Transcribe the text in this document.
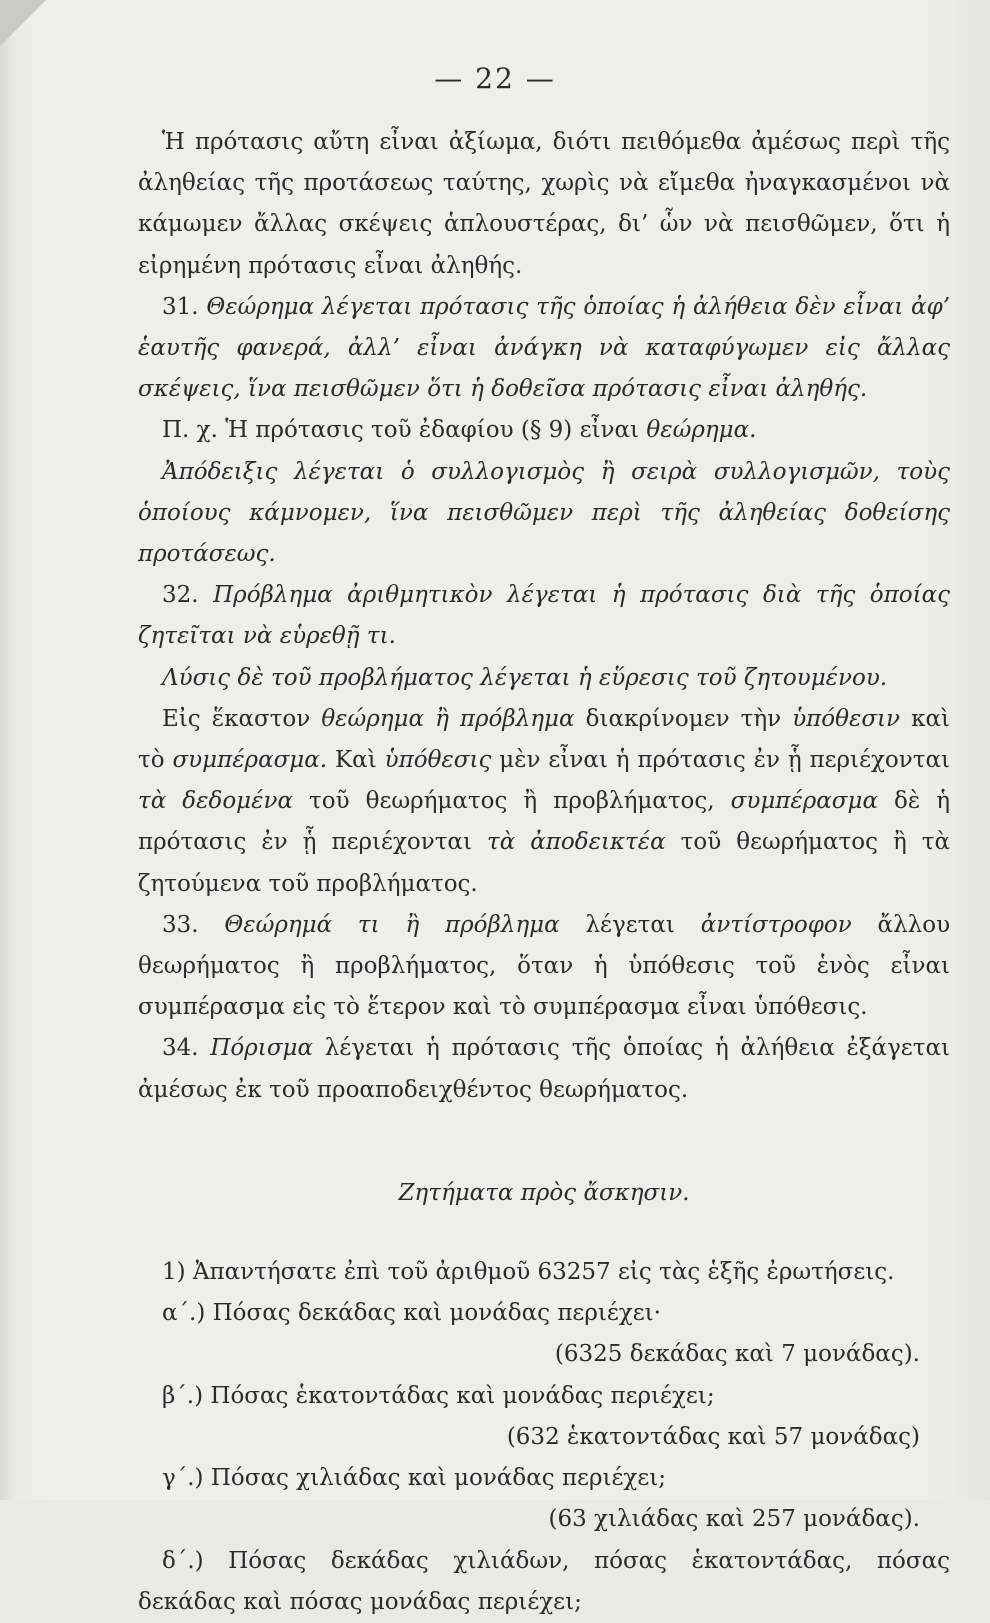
— 22 —

Ἡ πρότασις αὔτη εἶναι ἀξίωμα, διότι πειθόμεθα ἀμέσως περὶ τῆς ἀληθείας τῆς προτάσεως ταύτης, χωρὶς νὰ εἴμεθα ἠναγκασμένοι νὰ κάμωμεν ἄλλας σκέψεις ἁπλουστέρας, δι’ ὧν νὰ πεισθῶμεν, ὅτι ἡ εἰρημένη πρότασις εἶναι ἀληθής.

31. Θεώρημα λέγεται πρότασις τῆς ὁποίας ἡ ἀλήθεια δὲν εἶναι ἀφ’ ἑαυτῆς φανερά, ἀλλ’ εἶναι ἀνάγκη νὰ καταφύγωμεν εἰς ἄλλας σκέψεις, ἵνα πεισθῶμεν ὅτι ἡ δοθεῖσα πρότασις εἶναι ἀληθής.

Π. χ. Ἡ πρότασις τοῦ ἐδαφίου (§ 9) εἶναι θεώρημα.

Ἀπόδειξις λέγεται ὁ συλλογισμὸς ἢ σειρὰ συλλογισμῶν, τοὺς ὁποίους κάμνομεν, ἵνα πεισθῶμεν περὶ τῆς ἀληθείας δοθείσης προτάσεως.

32. Πρόβλημα ἀριθμητικὸν λέγεται ἡ πρότασις διὰ τῆς ὁποίας ζητεῖται νὰ εὑρεθῇ τι.

Λύσις δὲ τοῦ προβλήματος λέγεται ἡ εὕρεσις τοῦ ζητουμένου.

Εἰς ἕκαστον θεώρημα ἢ πρόβλημα διακρίνομεν τὴν ὑπόθεσιν καὶ τὸ συμπέρασμα. Καὶ ὑπόθεσις μὲν εἶναι ἡ πρότασις ἐν ᾗ περιέχονται τὰ δεδομένα τοῦ θεωρήματος ἢ προβλήματος, συμπέρασμα δὲ ἡ πρότασις ἐν ᾗ περιέχονται τὰ ἀποδεικτέα τοῦ θεωρήματος ἢ τὰ ζητούμενα τοῦ προβλήματος.

33. Θεώρημά τι ἢ πρόβλημα λέγεται ἀντίστροφον ἄλλου θεωρήματος ἢ προβλήματος, ὅταν ἡ ὑπόθεσις τοῦ ἑνὸς εἶναι συμπέρασμα εἰς τὸ ἕτερον καὶ τὸ συμπέρασμα εἶναι ὑπόθεσις.

34. Πόρισμα λέγεται ἡ πρότασις τῆς ὁποίας ἡ ἀλήθεια ἐξάγεται ἀμέσως ἐκ τοῦ προαποδειχθέντος θεωρήματος.

Ζητήματα πρὸς ἄσκησιν.

1) Ἀπαντήσατε ἐπὶ τοῦ ἀριθμοῦ 63257 εἰς τὰς ἑξῆς ἐρωτήσεις.

α΄.) Πόσας δεκάδας καὶ μονάδας περιέχει·

(6325 δεκάδας καὶ 7 μονάδας).

β΄.) Πόσας ἑκατοντάδας καὶ μονάδας περιέχει;

(632 ἑκατοντάδας καὶ 57 μονάδας)

γ΄.) Πόσας χιλιάδας καὶ μονάδας περιέχει;

(63 χιλιάδας καὶ 257 μονάδας).

δ΄.) Πόσας δεκάδας χιλιάδων, πόσας ἑκατοντάδας, πόσας δεκάδας καὶ πόσας μονάδας περιέχει;
